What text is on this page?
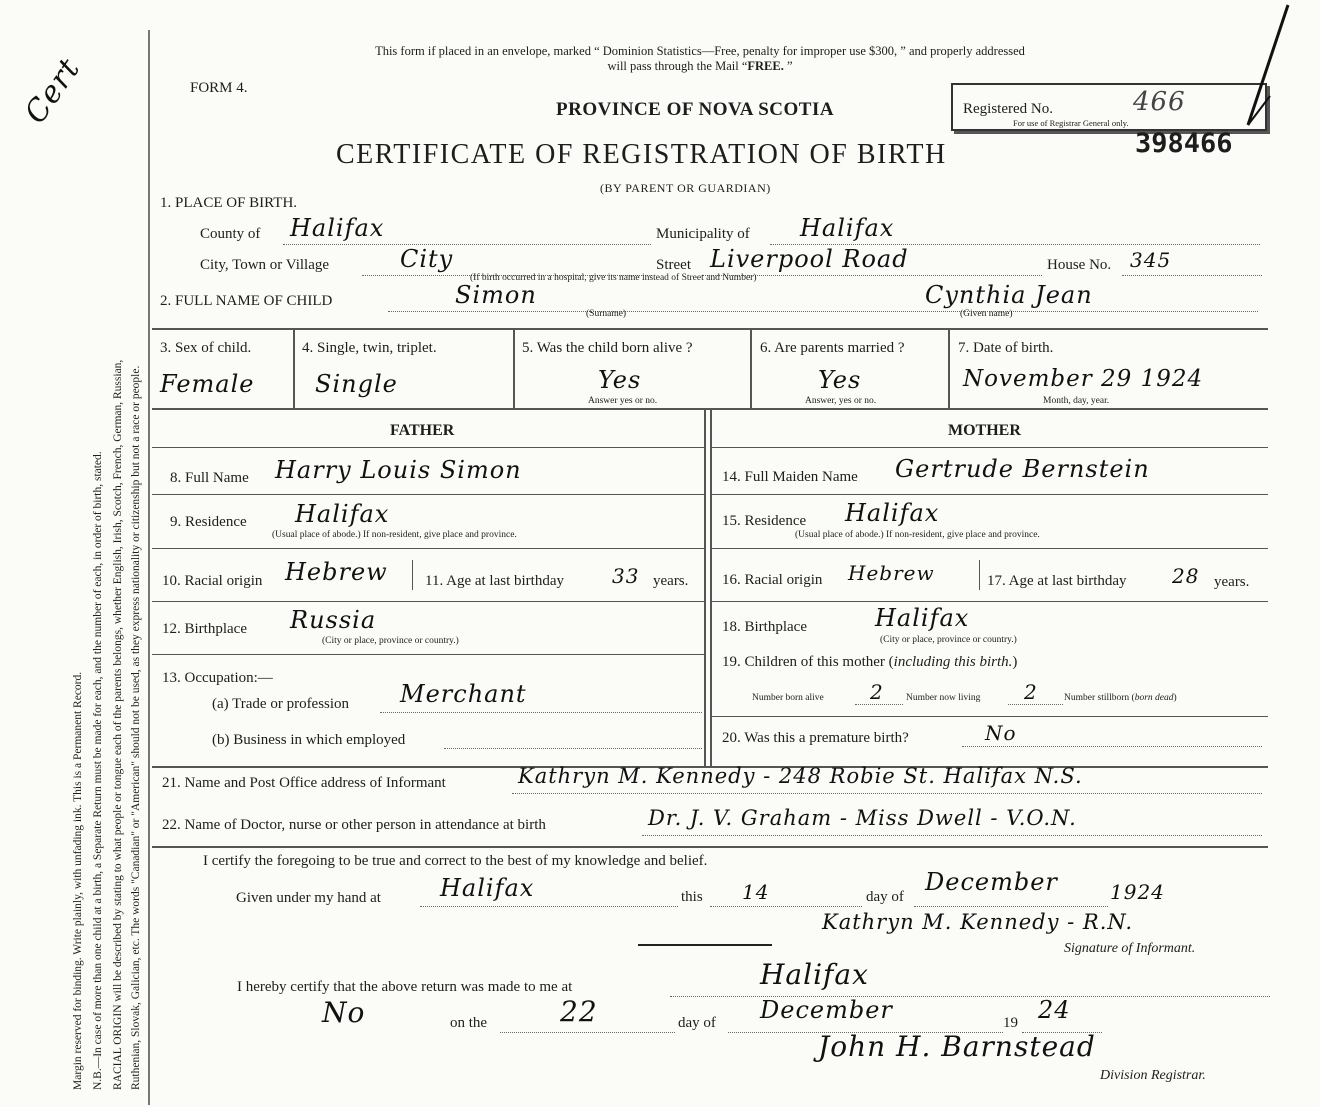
Cert
Margin reserved for binding. Write plainly, with unfading ink. This is a Permanent Record. N.B.—In case of more than one child at a birth, a Separate Return must be made for each, and the number of each, in order of birth, stated. RACIAL ORIGIN will be described by stating to what people or tongue each of the parents belongs, whether English, Irish, Scotch, French, German, Russian, Ruthenian, Slovak, Galician, etc. The words "Canadian" or "American" should not be used, as they express nationality or citizenship but not a race or people.
This form if placed in an envelope, marked “ Dominion Statistics—Free, penalty for improper use $300, ” and properly addressed
will pass through the Mail “FREE. ”
FORM 4.
PROVINCE OF NOVA SCOTIA
CERTIFICATE OF REGISTRATION OF BIRTH
(BY PARENT OR GUARDIAN)
Registered No.	466
For use of Registrar General only.
398466
1. PLACE OF BIRTH.
County of Halifax	Municipality of Halifax
City, Town or Village	City	Street Liverpool Road	House No. 345
(If birth occurred in a hospital, give its name instead of Street and Number)
2. FULL NAME OF CHILD	Simon
(Surname)
Cynthia Jean
(Given name)
3. Sex of child.
Female
4. Single, twin, triplet.
Single
5. Was the child born alive ?
Yes
Answer yes or no.
6. Are parents married ?
Yes
Answer, yes or no.
7. Date of birth.
November 29 1924
Month, day, year.
FATHER
8. Full Name Harry Louis Simon
9. Residence Halifax
(Usual place of abode.) If non-resident, give place and province.
10. Racial origin Hebrew 11. Age at last birthday 33 years.
12. Birthplace Russia
(City or place, province or country.)
13. Occupation:—
(a) Trade or profession Merchant
(b) Business in which employed
MOTHER
14. Full Maiden Name Gertrude Bernstein
15. Residence Halifax
(Usual place of abode.) If non-resident, give place and province.
16. Racial origin Hebrew	17. Age at last birthday 28 years.
18. Birthplace	Halifax
(City or place, province or country.)
19. Children of this mother (including this birth.)
Number born alive 2 Number now living 2	Number stillborn (born dead)
20. Was this a premature birth?	No
21. Name and Post Office address of Informant	Kathryn M. Kennedy - 248 Robie St. Halifax N.S.
22. Name of Doctor, nurse or other person in attendance at birth	Dr. J. V. Graham - Miss Dwell - V.O.N.
I certify the foregoing to be true and correct to the best of my knowledge and belief.
Given under my hand at Halifax	this 14	day of
December	1924
Kathryn M. Kennedy - R.N.
Signature of Informant.
I hereby certify that the above return was made to me at	Halifax
No	on the	22	day of December	19 24
John H. Barnstead
Division Registrar.
